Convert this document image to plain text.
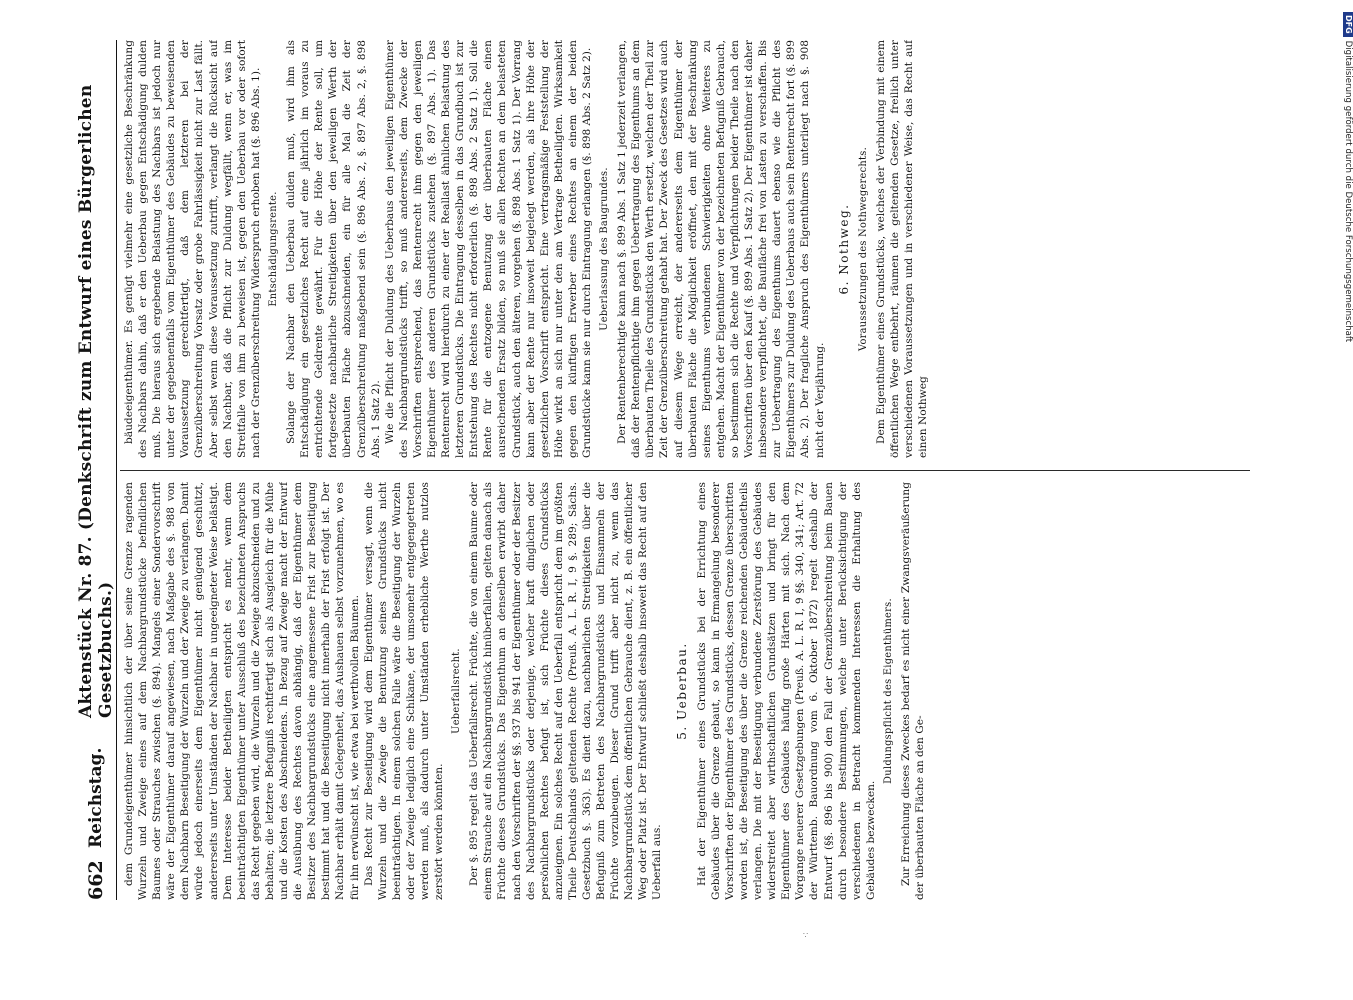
662
Reichstag.
Aktenstück Nr. 87. (Denkschrift zum Entwurf eines Bürgerlichen Gesetzbuchs.) dem Grundeigenthümer hinsichtlich der über seine Grenze ragenden Wurzeln und Zweige eines auf dem Nachbargrundstücke befindlichen Baumes oder Strauches zwischen (§. 894). Mangels einer Sondervorschrift wäre der Eigenthümer darauf angewiesen, nach Maßgabe des §. 988 von dem Nachbarn Beseitigung der Wurzeln und der Zweige zu verlangen. Damit würde jedoch einerseits dem Eigenthümer nicht genügend geschützt, andererseits unter Umständen der Nachbar in ungeeigneter Weise belästigt. Dem Interesse beider Betheiligten entspricht es mehr, wenn dem beeinträchtigten Eigenthümer unter Ausschluß des bezeichneten Anspruchs das Recht gegeben wird, die Wurzeln und die Zweige abzuschneiden und zu behalten; die letztere Befugniß rechtfertigt sich als Ausgleich für die Mühe und die Kosten des Abschneidens. In Bezug auf Zweige macht der Entwurf die Ausübung des Rechtes davon abhängig, daß der Eigenthümer dem Besitzer des Nachbargrundstücks eine angemessene Frist zur Beseitigung bestimmt hat und die Beseitigung nicht innerhalb der Frist erfolgt ist. Der Nachbar erhält damit Gelegenheit, das Aushauen selbst vorzunehmen, wo es für ihn erwünscht ist, wie etwa bei werthvollen Bäumen. Das Recht zur Beseitigung wird dem Eigenthümer versagt, wenn die Wurzeln und die Zweige die Benutzung seines Grundstücks nicht beeinträchtigen. In einem solchen Falle wäre die Beseitigung der Wurzeln oder der Zweige lediglich eine Schikane, der umsomehr entgegengetreten werden muß, als dadurch unter Umständen erhebliche Werthe nutzlos zerstört werden könnten.

Ueberfallsrecht. Der §. 895 regelt das Ueberfallsrecht. Früchte, die von einem Baume oder einem Strauche auf ein Nachbargrundstück hinüberfallen, gelten danach als Früchte dieses Grundstücks. Das Eigenthum an denselben erwirbt daher nach den Vorschriften der §§. 937 bis 941 der Eigenthümer oder der Besitzer des Nachbargrundstücks oder derjenige, welcher kraft dinglichen oder persönlichen Rechtes befugt ist, sich Früchte dieses Grundstücks anzueignen. Ein solches Recht auf den Ueberfall entspricht dem im größten Theile Deutschlands geltenden Rechte (Preuß. A. L. R. I, 9 §. 289; Sächs. Gesetzbuch §. 363). Es dient dazu, nachbarlichen Streitigkeiten über die Befugniß zum Betreten des Nachbargrundstücks und Einsammeln der Früchte vorzubeugen. Dieser Grund trifft aber nicht zu, wenn das Nachbargrundstück dem öffentlichen Gebrauche dient, z. B. ein öffentlicher Weg oder Platz ist. Der Entwurf schließt deshalb insoweit das Recht auf den Ueberfall aus.

5. Ueberbau. Hat der Eigenthümer eines Grundstücks bei der Errichtung eines Gebäudes über die Grenze gebaut, so kann in Ermangelung besonderer Vorschriften der Eigenthümer des Grundstücks, dessen Grenze überschritten worden ist, die Beseitigung des über die Grenze reichenden Gebäudetheils verlangen. Die mit der Beseitigung verbundene Zerstörung des Gebäudes widerstreitet aber wirthschaftlichen Grundsätzen und bringt für den Eigenthümer des Gebäudes häufig große Härten mit sich. Nach dem Vorgange neuerer Gesetzgebungen (Preuß. A. L. R. I, 9 §§. 340, 341; Art. 72 der Württemb. Bauordnung vom 6. Oktober 1872) regelt deshalb der Entwurf (§§. 896 bis 900) den Fall der Grenzüberschreitung beim Bauen durch besondere Bestimmungen, welche unter Berücksichtigung der verschiedenen in Betracht kommenden Interessen die Erhaltung des Gebäudes bezwecken.

Duldungspflicht des Eigenthümers. Zur Erreichung dieses Zweckes bedarf es nicht einer Zwangsveräußerung der überbauten Fläche an den Ge-

bäudeeigenthümer. Es genügt vielmehr eine gesetzliche Beschränkung des Nachbars dahin, daß er den Ueberbau gegen Entschädigung dulden muß. Die hieraus sich ergebende Belastung des Nachbars ist jedoch nur unter der gegebenenfalls vom Eigenthümer des Gebäudes zu beweisenden Voraussetzung gerechtfertigt, daß dem letzteren bei der Grenzüberschreitung Vorsatz oder grobe Fahrlässigkeit nicht zur Last fällt. Aber selbst wenn diese Voraussetzung zutrifft, verlangt die Rücksicht auf den Nachbar, daß die Pflicht zur Duldung wegfällt, wenn er, was im Streitfalle von ihm zu beweisen ist, gegen den Ueberbau vor oder sofort nach der Grenzüberschreitung Widerspruch erhoben hat (§. 896 Abs. 1). Entschädigungsrente. Solange der Nachbar den Ueberbau dulden muß, wird ihm als Entschädigung ein gesetzliches Recht auf eine jährlich im voraus zu entrichtende Geldrente gewährt. Für die Höhe der Rente soll, um fortgesetzte nachbarliche Streitigkeiten über den jeweiligen Werth der überbauten Fläche abzuschneiden, ein für alle Mal die Zeit der Grenzüberschreitung maßgebend sein (§. 896 Abs. 2, §. 897 Abs. 2, §. 898 Abs. 1 Satz 2). Wie die Pflicht der Duldung des Ueberbaus den jeweiligen Eigenthümer des Nachbargrundstücks trifft, so muß andererseits, dem Zwecke der Vorschriften entsprechend, das Rentenrecht ihm gegen den jeweiligen Eigenthümer des anderen Grundstücks zustehen (§. 897 Abs. 1). Das Rentenrecht wird hierdurch zu einer der Reallast ähnlichen Belastung des letzteren Grundstücks. Die Eintragung desselben in das Grundbuch ist zur Entstehung des Rechtes nicht erforderlich (§. 898 Abs. 2 Satz 1). Soll die Rente für die entzogene Benutzung der überbauten Fläche einen ausreichenden Ersatz bilden, so muß sie allen Rechten an dem belasteten Grundstück, auch den älteren, vorgehen (§. 898 Abs. 1 Satz 1). Der Vorrang kann aber der Rente nur insoweit beigelegt werden, als ihre Höhe der gesetzlichen Vorschrift entspricht. Eine vertragsmäßige Feststellung der Höhe wirkt an sich nur unter den am Vertrage Betheiligten. Wirksamkeit gegen den künftigen Erwerber eines Rechtes an einem der beiden Grundstücke kann sie nur durch Eintragung erlangen (§. 898 Abs. 2 Satz 2). Ueberlassung des Baugrundes. Der Rentenberechtigte kann nach §. 899 Abs. 1 Satz 1 jederzeit verlangen, daß der Rentenpflichtige ihm gegen Uebertragung des Eigenthums an dem überbauten Theile des Grundstücks den Werth ersetzt, welchen der Theil zur Zeit der Grenzüberschreitung gehabt hat. Der Zweck des Gesetzes wird auch auf diesem Wege erreicht, der andererseits dem Eigenthümer der überbauten Fläche die Möglichkeit eröffnet, den mit der Beschränkung seines Eigenthums verbundenen Schwierigkeiten ohne Weiteres zu entgehen. Macht der Eigenthümer von der bezeichneten Befugniß Gebrauch, so bestimmen sich die Rechte und Verpflichtungen beider Theile nach den Vorschriften über den Kauf (§. 899 Abs. 1 Satz 2). Der Eigenthümer ist daher insbesondere verpflichtet, die Baufläche frei von Lasten zu verschaffen. Bis zur Uebertragung des Eigenthums dauert ebenso wie die Pflicht des Eigenthümers zur Duldung des Ueberbaus auch sein Rentenrecht fort (§. 899 Abs. 2). Der fragliche Anspruch des Eigenthümers unterliegt nach §. 908 nicht der Verjährung.

6. Nothweg. Voraussetzungen des Nothwegerechts. Dem Eigenthümer eines Grundstücks, welches der Verbindung mit einem öffentlichen Wege entbehrt, räumen die geltenden Gesetze, freilich unter verschiedenen Voraussetzungen und in verschiedener Weise, das Recht auf einen Nothweg

∵
DFGDigitalisierung gefördert durch die Deutsche Forschungsgemeinschaft
